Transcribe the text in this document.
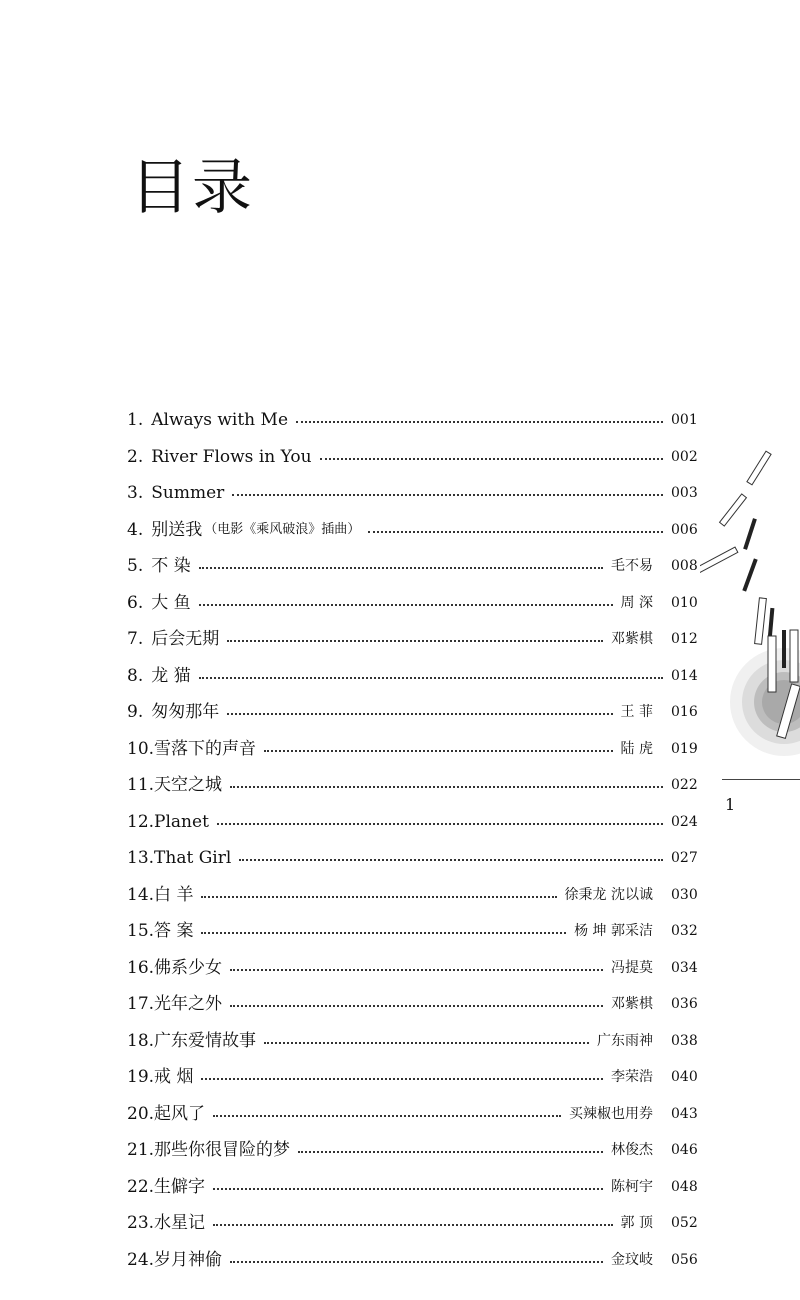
目录
1. Always with Me	001
2. River Flows in You	002
3. Summer	003
4. 别送我 （电影《乘风破浪》插曲）	006
5. 不 染	毛不易 008
6. 大 鱼	周 深 010
7. 后会无期	邓紫棋 012
8. 龙 猫	014
9. 匆匆那年	王 菲 016
10. 雪落下的声音	陆 虎 019
11. 天空之城	022
12. Planet	024
13. That Girl	027
14. 白 羊	徐秉龙 沈以诚 030
15. 答 案	杨 坤 郭采洁 032
16. 佛系少女	冯提莫 034
17. 光年之外	邓紫棋 036
18. 广东爱情故事	广东雨神 038
19. 戒 烟	李荣浩 040
20. 起风了	买辣椒也用券 043
21. 那些你很冒险的梦	林俊杰 046
22. 生僻字	陈柯宇 048
23. 水星记	郭 顶 052
24. 岁月神偷	金玟岐 056
1
